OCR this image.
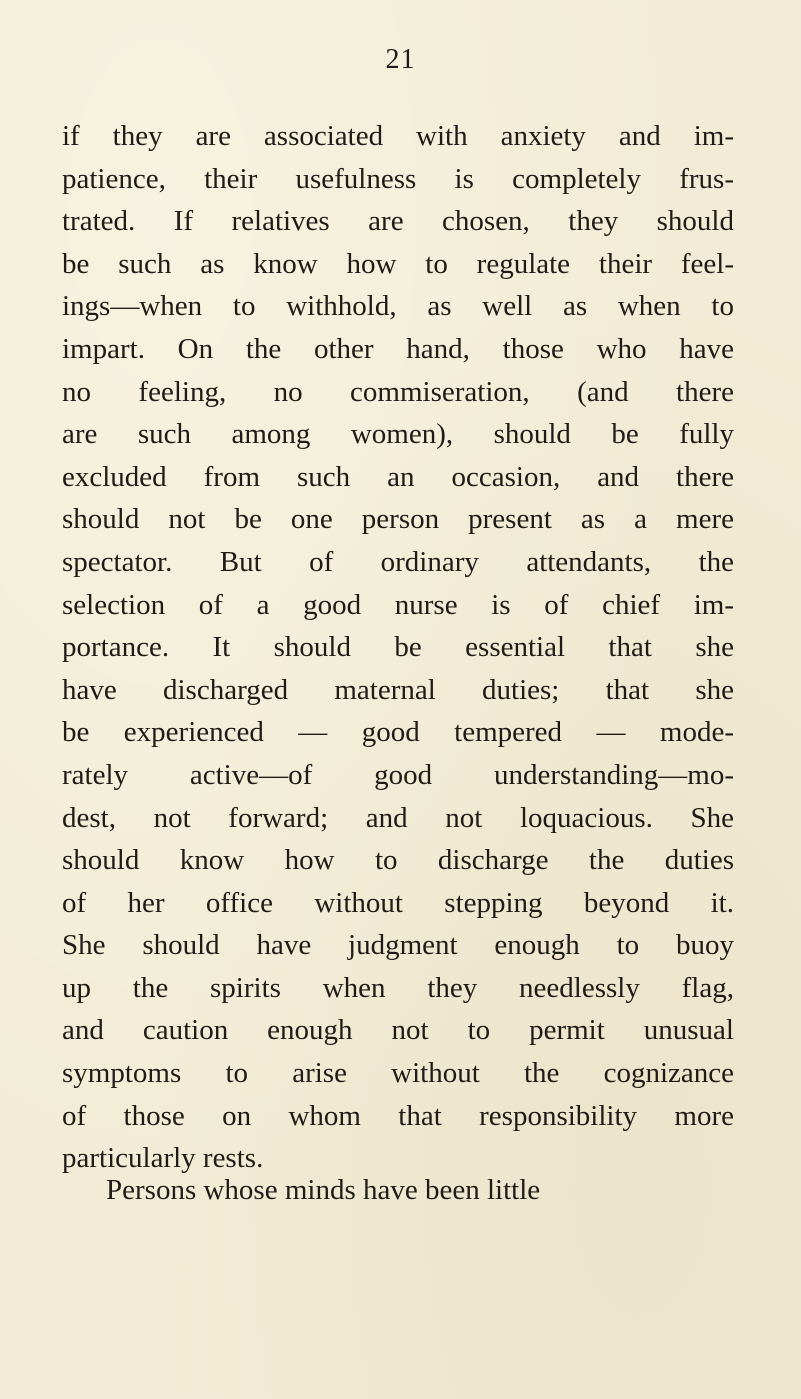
21
if they are associated with anxiety and im-
patience, their usefulness is completely frus-
trated. If relatives are chosen, they should
be such as know how to regulate their feel-
ings—when to withhold, as well as when to
impart. On the other hand, those who have
no feeling, no commiseration, (and there
are such among women), should be fully
excluded from such an occasion, and there
should not be one person present as a mere
spectator. But of ordinary attendants, the
selection of a good nurse is of chief im-
portance. It should be essential that she
have discharged maternal duties; that she
be experienced — good tempered — mode-
rately active—of good understanding—mo-
dest, not forward; and not loquacious. She
should know how to discharge the duties
of her office without stepping beyond it.
She should have judgment enough to buoy
up the spirits when they needlessly flag,
and caution enough not to permit unusual
symptoms to arise without the cognizance
of those on whom that responsibility more
particularly rests.
Persons whose minds have been little
